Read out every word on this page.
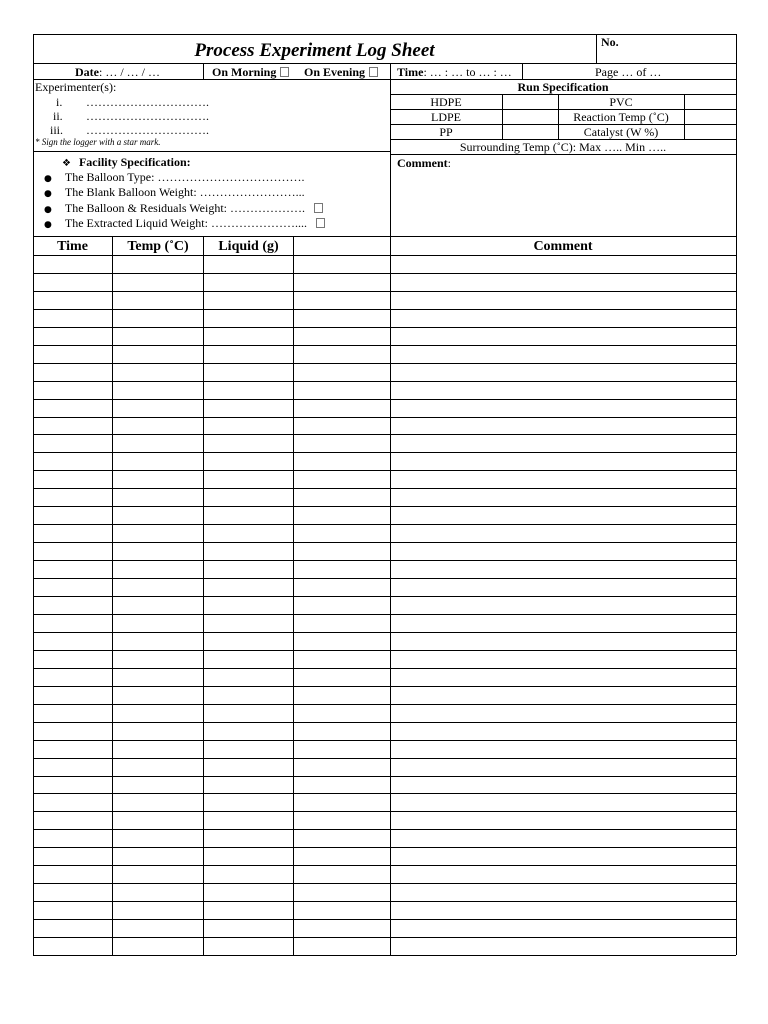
Process Experiment Log Sheet	No.
Date: … / … / …	On Morning	On Evening	Time: … : … to … : …	Page … of …
Experimenter(s):
i. ………………………….
ii. ………………………….
iii. ………………………….
* Sign the logger with a star mark.
Run Specification
HDPE	PVC
LDPE	Reaction Temp (˚C)
PP	Catalyst (W %)
Surrounding Temp (˚C): Max ….. Min …..
❖ Facility Specification:
● The Balloon Type: ……………………………….
● The Blank Balloon Weight: ……………………...
● The Balloon & Residuals Weight: ……………….
● The Extracted Liquid Weight: …………………....
Comment:
Time	Temp (˚C)	Liquid (g)	Comment
